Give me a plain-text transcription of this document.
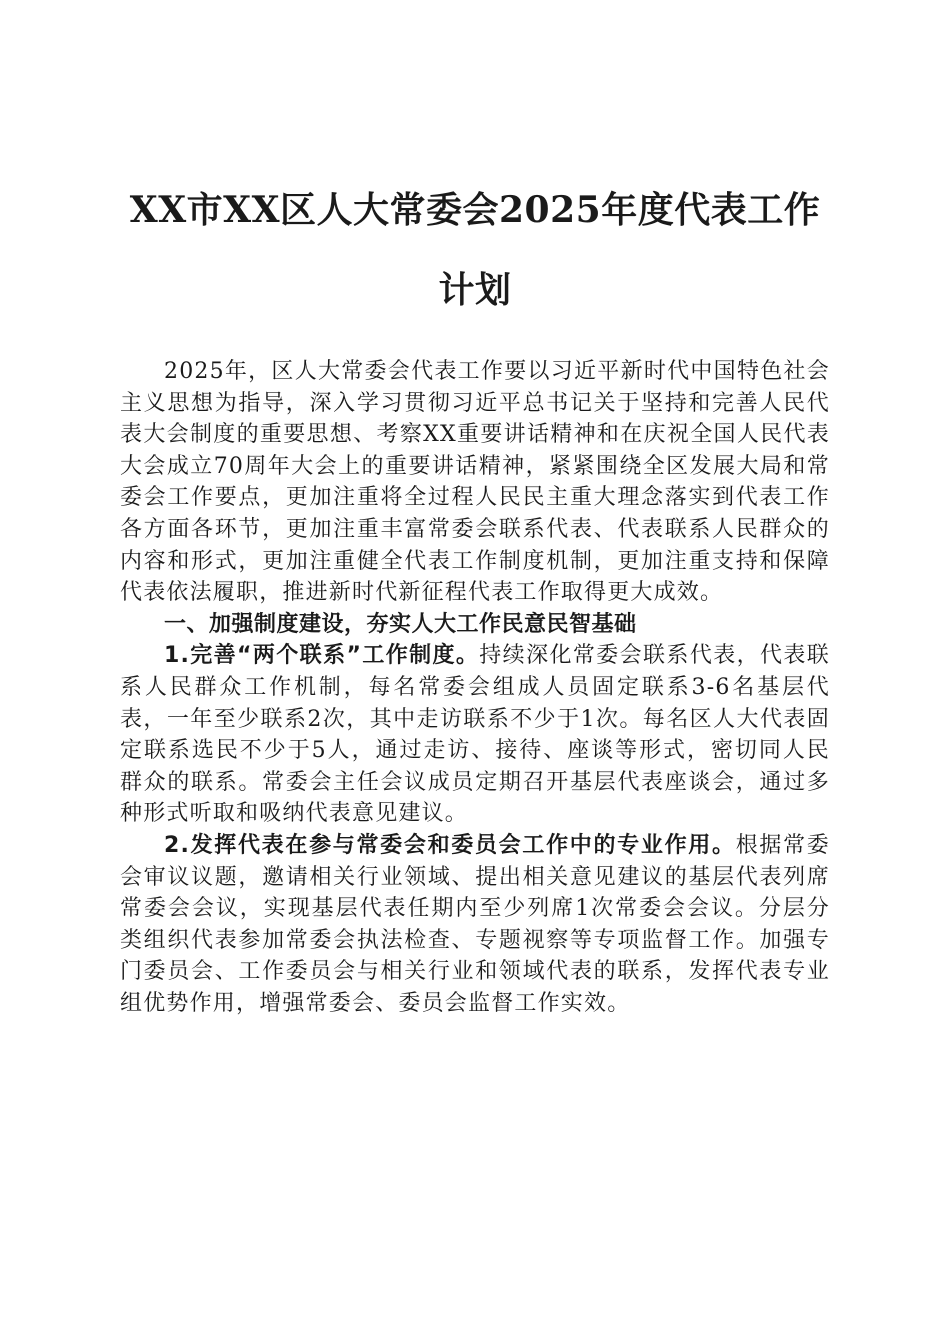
XX市XX区人大常委会2025年度代表工作计划

2025年，区人大常委会代表工作要以习近平新时代中国特色社会主义思想为指导，深入学习贯彻习近平总书记关于坚持和完善人民代表大会制度的重要思想、考察XX重要讲话精神和在庆祝全国人民代表大会成立70周年大会上的重要讲话精神，紧紧围绕全区发展大局和常委会工作要点，更加注重将全过程人民民主重大理念落实到代表工作各方面各环节，更加注重丰富常委会联系代表、代表联系人民群众的内容和形式，更加注重健全代表工作制度机制，更加注重支持和保障代表依法履职，推进新时代新征程代表工作取得更大成效。

一、加强制度建设，夯实人大工作民意民智基础

1.完善“两个联系”工作制度。持续深化常委会联系代表，代表联系人民群众工作机制，每名常委会组成人员固定联系3-6名基层代表，一年至少联系2次，其中走访联系不少于1次。每名区人大代表固定联系选民不少于5人，通过走访、接待、座谈等形式，密切同人民群众的联系。常委会主任会议成员定期召开基层代表座谈会，通过多种形式听取和吸纳代表意见建议。

2.发挥代表在参与常委会和委员会工作中的专业作用。根据常委会审议议题，邀请相关行业领域、提出相关意见建议的基层代表列席常委会会议，实现基层代表任期内至少列席1次常委会会议。分层分类组织代表参加常委会执法检查、专题视察等专项监督工作。加强专门委员会、工作委员会与相关行业和领域代表的联系，发挥代表专业组优势作用，增强常委会、委员会监督工作实效。
